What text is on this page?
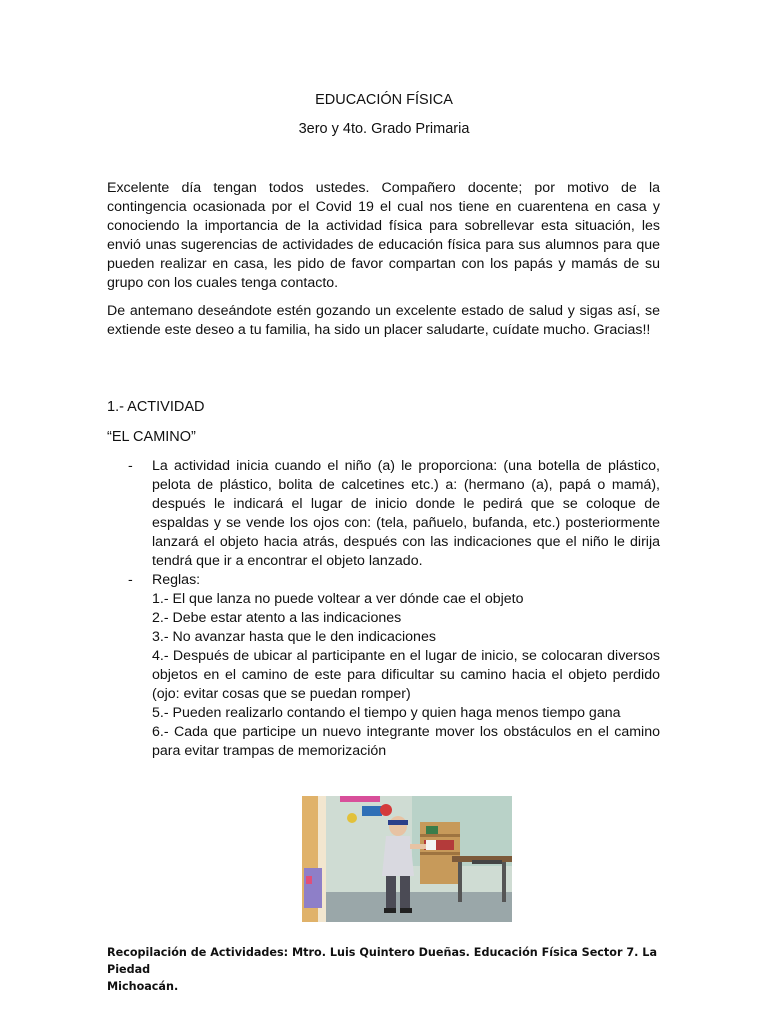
EDUCACIÓN FÍSICA
3ero y 4to. Grado Primaria

Excelente día tengan todos ustedes. Compañero docente; por motivo de la contingencia ocasionada por el Covid 19 el cual nos tiene en cuarentena en casa y conociendo la importancia de la actividad física para sobrellevar esta situación, les envió unas sugerencias de actividades de educación física para sus alumnos para que pueden realizar en casa, les pido de favor compartan con los papás y mamás de su grupo con los cuales tenga contacto.

De antemano deseándote estén gozando un excelente estado de salud y sigas así, se extiende este deseo a tu familia, ha sido un placer saludarte, cuídate mucho. Gracias!!

1.- ACTIVIDAD
“EL CAMINO”
- La actividad inicia cuando el niño (a) le proporciona: (una botella de plástico, pelota de plástico, bolita de calcetines etc.) a: (hermano (a), papá o mamá), después le indicará el lugar de inicio donde le pedirá que se coloque de espaldas y se vende los ojos con: (tela, pañuelo, bufanda, etc.) posteriormente lanzará el objeto hacia atrás, después con las indicaciones que el niño le dirija tendrá que ir a encontrar el objeto lanzado.
- Reglas:
1.- El que lanza no puede voltear a ver dónde cae el objeto
2.- Debe estar atento a las indicaciones
3.- No avanzar hasta que le den indicaciones
4.- Después de ubicar al participante en el lugar de inicio, se colocaran diversos objetos en el camino de este para dificultar su camino hacia el objeto perdido (ojo: evitar cosas que se puedan romper)
5.- Pueden realizarlo contando el tiempo y quien haga menos tiempo gana
6.- Cada que participe un nuevo integrante mover los obstáculos en el camino para evitar trampas de memorización
Recopilación de Actividades: Mtro. Luis Quintero Dueñas. Educación Física Sector 7. La Piedad
Michoacán.
